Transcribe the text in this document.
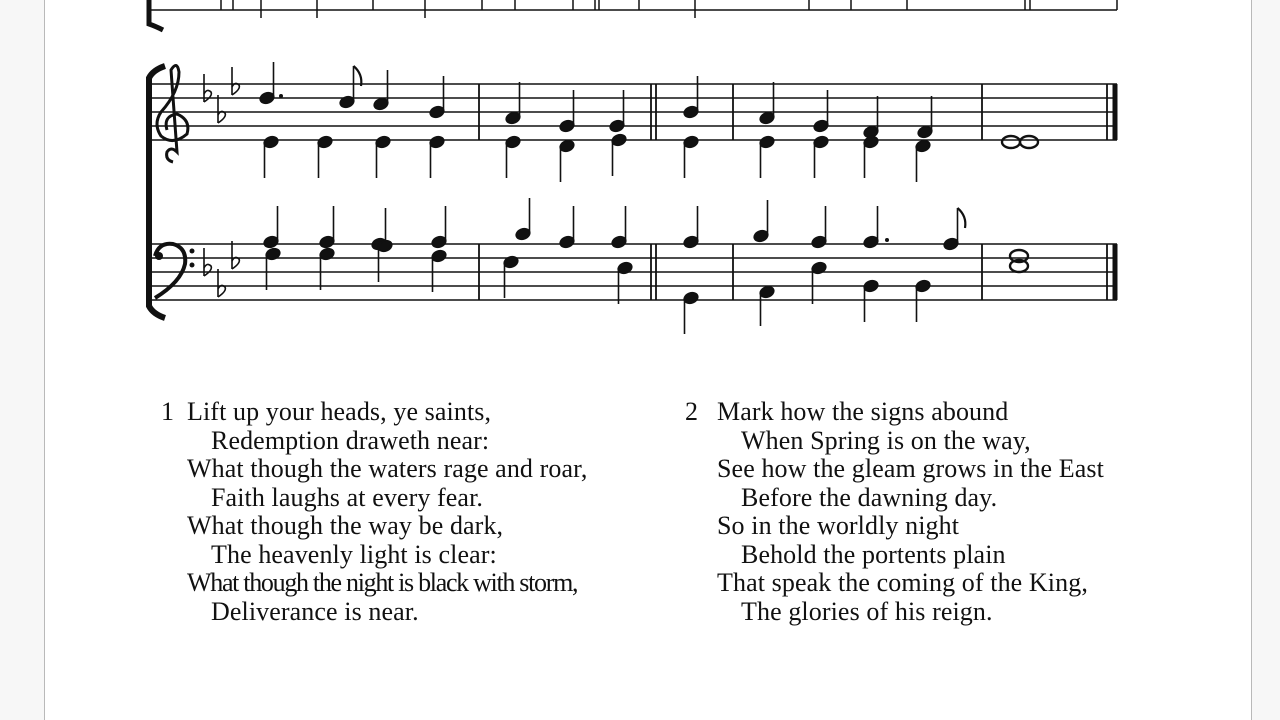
1 Lift up your heads, ye saints,
Redemption draweth near:
What though the waters rage and roar,
Faith laughs at every fear.
What though the way be dark,
The heavenly light is clear:
What though the night is black with storm,
Deliverance is near.
2 Mark how the signs abound
When Spring is on the way,
See how the gleam grows in the East
Before the dawning day.
So in the worldly night
Behold the portents plain
That speak the coming of the King,
The glories of his reign.
